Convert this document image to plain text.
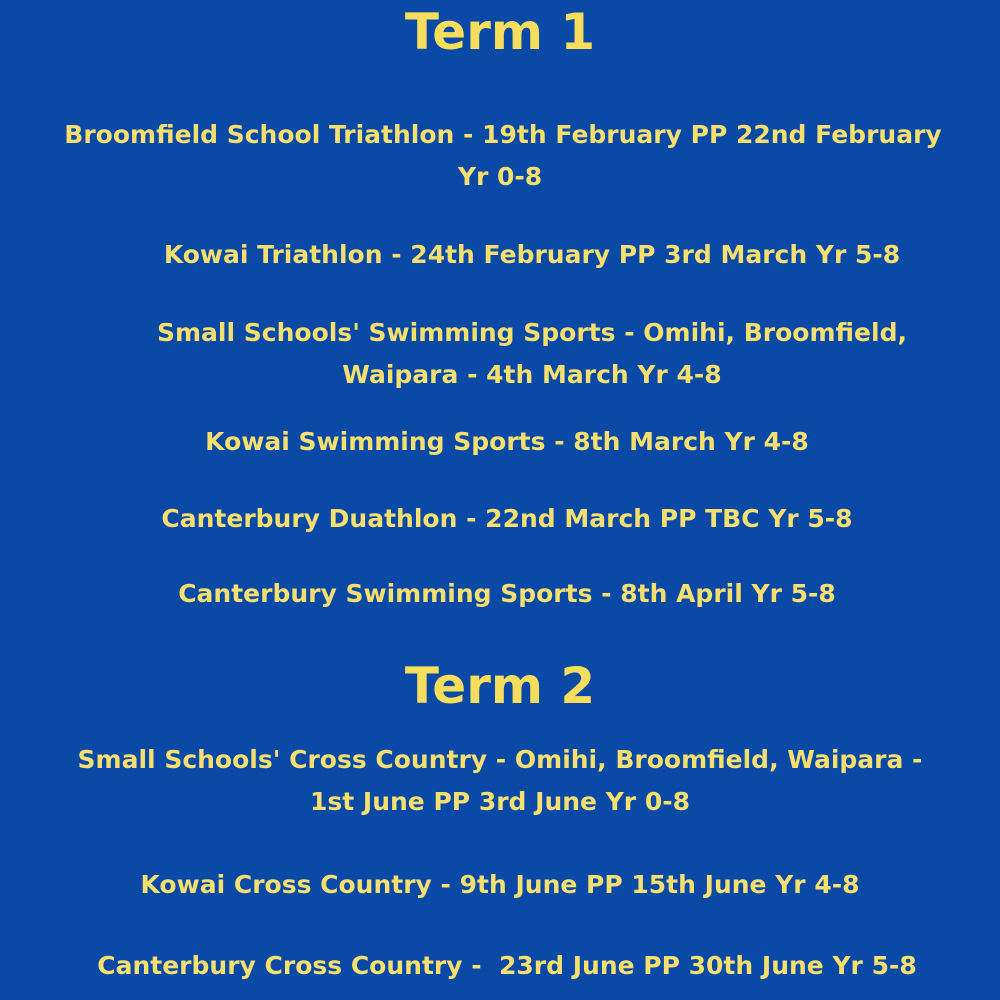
Term 1

Broomfield School Triathlon - 19th February PP 22nd February
Yr 0-8

Kowai Triathlon - 24th February PP 3rd March Yr 5-8

Small Schools' Swimming Sports - Omihi, Broomfield,
Waipara - 4th March Yr 4-8

Kowai Swimming Sports - 8th March Yr 4-8

Canterbury Duathlon - 22nd March PP TBC Yr 5-8

Canterbury Swimming Sports - 8th April Yr 5-8

Term 2

Small Schools' Cross Country - Omihi, Broomfield, Waipara -
1st June PP 3rd June Yr 0-8

Kowai Cross Country - 9th June PP 15th June Yr 4-8

Canterbury Cross Country -  23rd June PP 30th June Yr 5-8
